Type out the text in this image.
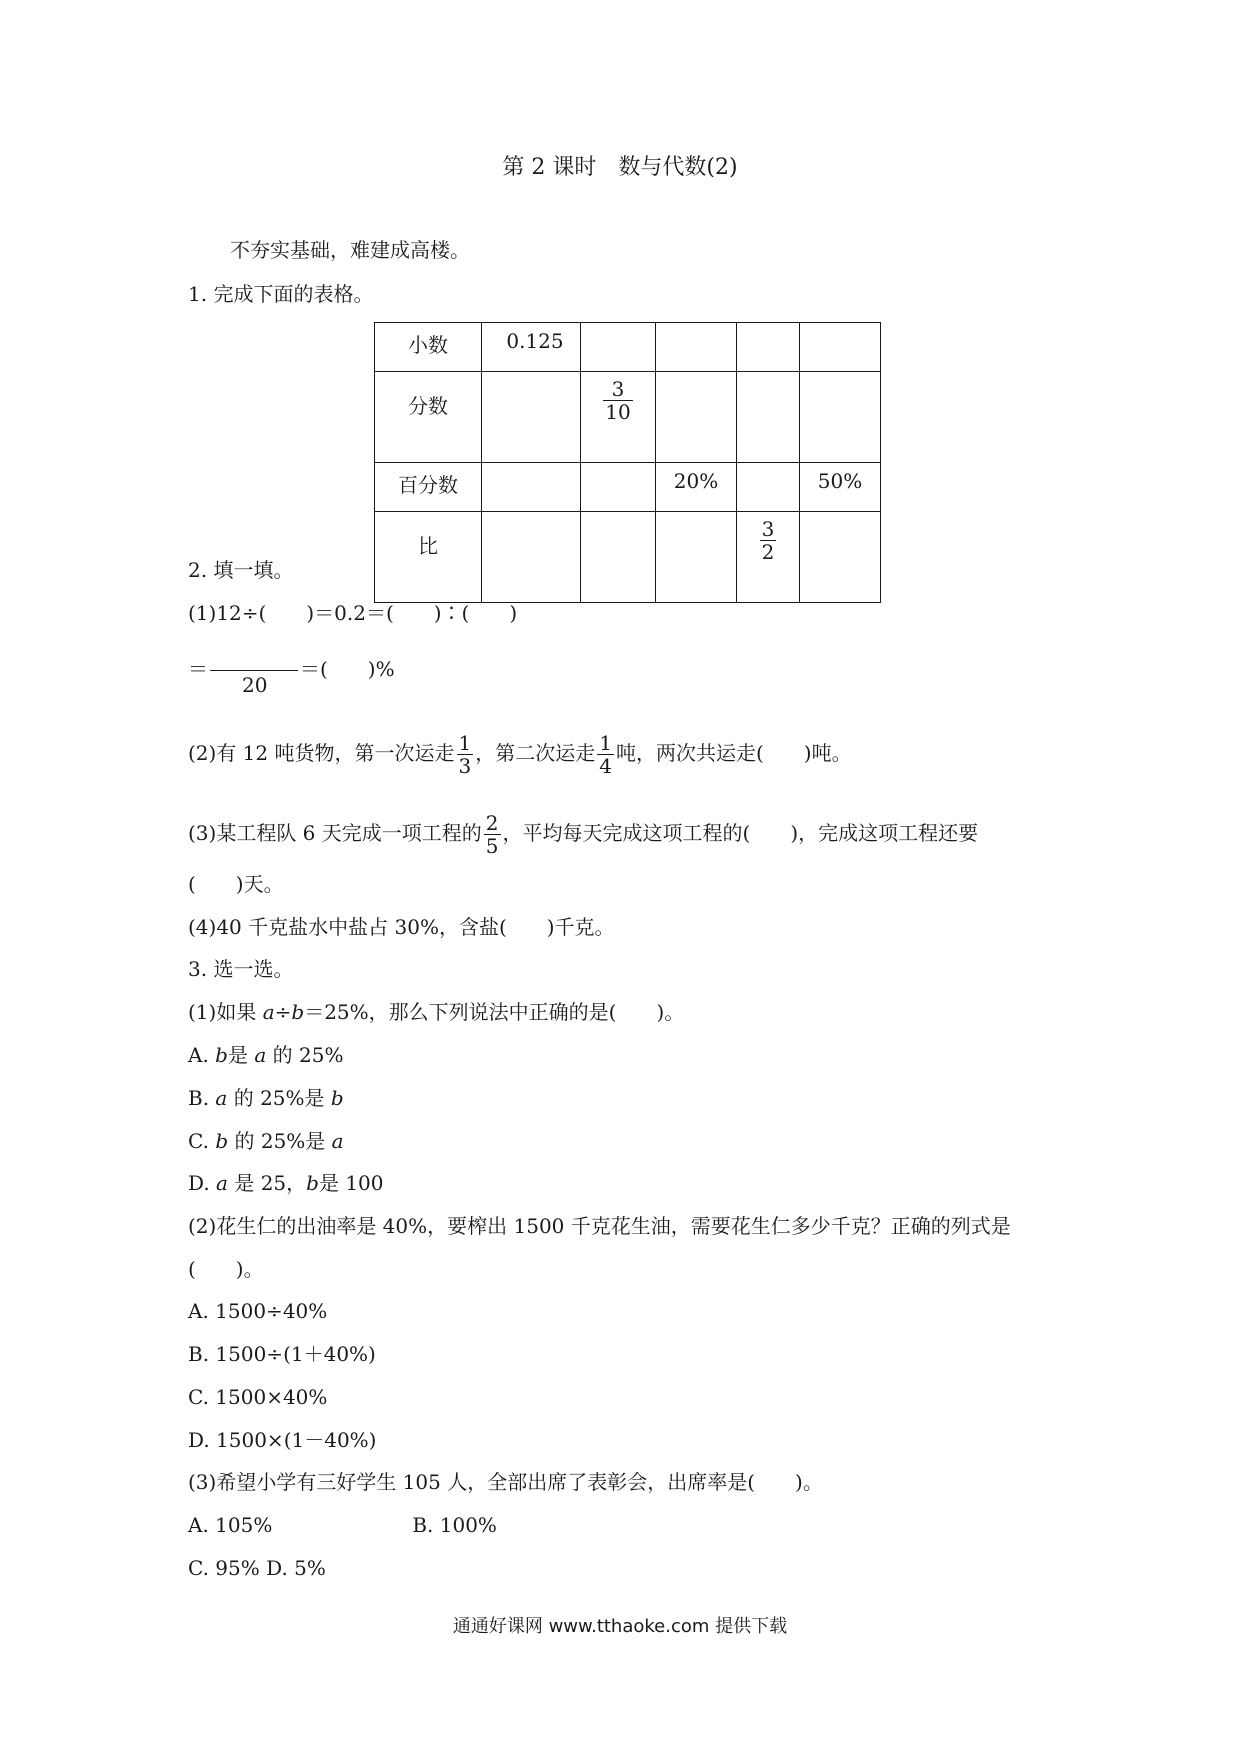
第 2 课时 数与代数(2)
不夯实基础，难建成高楼。
1. 完成下面的表格。
小数	0.125				
分数		$\frac{3}{10}$

百分数			20%		50%
比				$\frac{3}{2}$

2. 填一填。
(1)12÷(　　)＝0.2＝(　　)∶(　　)
＝	＝(　　)%
20
(2)有 12 吨货物，第一次运走 $\frac{1}{3}$ ，第二次运走 $\frac{1}{4}$ 吨，两次共运走(　　)吨。
(3)某工程队 6 天完成一项工程的 $\frac{2}{5}$ ，平均每天完成这项工程的(　　)，完成这项工程还要
(　　)天。
(4)40 千克盐水中盐占 30%，含盐(　　)千克。
3. 选一选。
(1)如果 a÷b＝25%，那么下列说法中正确的是(　　)。
A. b是 a 的 25%
B. a 的 25%是 b
C. b 的 25%是 a
D. a 是 25，b是 100
(2)花生仁的出油率是 40%，要榨出 1500 千克花生油，需要花生仁多少千克？正确的列式是
(　　)。
A. 1500÷40%
B. 1500÷(1＋40%)
C. 1500×40%
D. 1500×(1－40%)
(3)希望小学有三好学生 105 人，全部出席了表彰会，出席率是(　　)。
A. 105%	B. 100%
C. 95% D. 5%
通通好课网 www.tthaoke.com 提供下载
